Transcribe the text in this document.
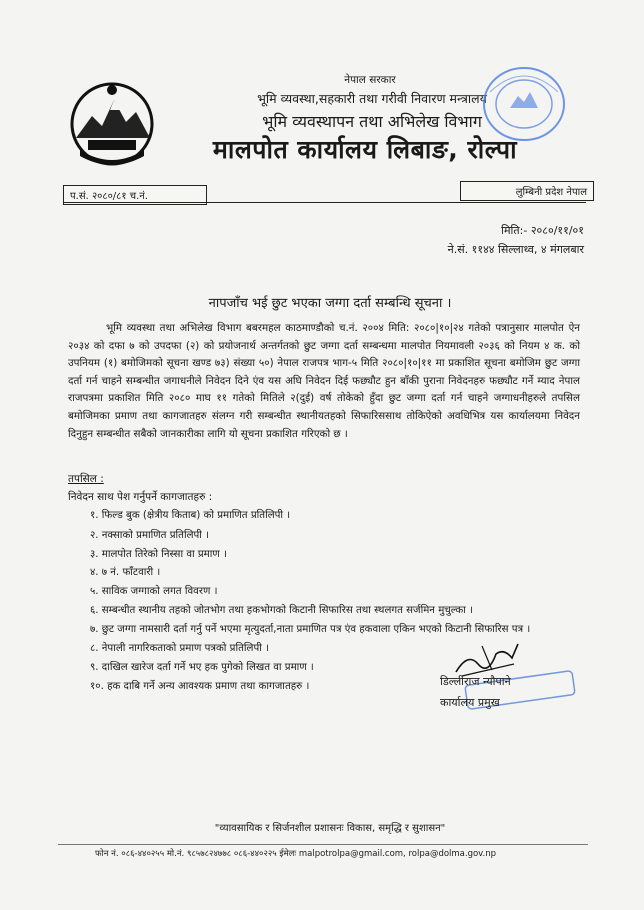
नेपाल सरकार
भूमि व्यवस्था,सहकारी तथा गरीवी निवारण मन्त्रालय
भूमि व्यवस्थापन तथा अभिलेख विभाग
मालपोत कार्यालय लिबाङ, रोल्पा
प.सं. २०८०/८१ च.नं.	लुम्बिनी प्रदेश नेपाल
मिति:- २०८०/११/०१
ने.सं. ११४४ सिल्लाथ्व, ४ मंगलबार
नापजाँच भई छुट भएका जग्गा दर्ता सम्बन्धि सूचना ।
भूमि व्यवस्था तथा अभिलेख विभाग बबरमहल काठमाण्डौको च.नं. २००४ मिति: २०८०|१०|२४ गतेको पत्रानुसार मालपोत ऐन २०३४ को दफा ७ को उपदफा (२) को प्रयोजनार्थ अन्तर्गतको छुट जग्गा दर्ता सम्बन्धमा मालपोत नियमावली २०३६ को नियम ४ क. को उपनियम (१) बमोजिमको सूचना खण्ड ७३) संख्या ५०) नेपाल राजपत्र भाग-५ मिति २०८०|१०|११ मा प्रकाशित सूचना बमोजिम छुट जग्गा दर्ता गर्न चाहने सम्बन्धीत जगाधनीले निवेदन दिने एंव यस अघि निवेदन दिई फछ्यौट हुन बाँकी पुराना निवेदनहरु फछ्यौट गर्ने म्याद नेपाल राजपत्रमा प्रकाशित मिति २०८० माघ ११ गतेको मितिले २(दुई) वर्ष तोकेको हुँदा छुट जग्गा दर्ता गर्न चाहने जग्गाधनीहरुले तपसिल बमोजिमका प्रमाण तथा कागजातहरु संलग्न गरी सम्बन्धीत स्थानीयतहको सिफारिससाथ तोकिऐको अवधिभित्र यस कार्यालयमा निवेदन दिनुहुन सम्बन्धीत सबैको जानकारीका लागि यो सूचना प्रकाशित गरिएको छ ।
तपसिल :
निवेदन साथ पेश गर्नुपर्ने कागजातहरु :
१. फिल्ड बुक (क्षेत्रीय किताब) को प्रमाणित प्रतिलिपी ।
२. नक्साको प्रमाणित प्रतिलिपी ।
३. मालपोत तिरेको निस्सा वा प्रमाण ।
४. ७ नं. फाँटवारी ।
५. साविक जग्गाको लगत विवरण ।
६. सम्बन्धीत स्थानीय तहको जोतभोग तथा हकभोगको किटानी सिफारिस तथा स्थलगत सर्जमिन मुचुल्का ।
७. छुट जग्गा नामसारी दर्ता गर्नु पर्ने भएमा मृत्युदर्ता,नाता प्रमाणित पत्र एंव हकवाला एकिन भएको किटानी सिफारिस पत्र ।
८. नेपाली नागरिकताको प्रमाण पत्रको प्रतिलिपी ।
९. दाखिल खारेज दर्ता गर्ने भए हक पुगेको लिखत वा प्रमाण ।
१०. हक दाबि गर्ने अन्य आवश्यक प्रमाण तथा कागजातहरु ।	डिल्लीराज न्यौपाने
कार्यालय प्रमुख
"व्यावसायिक र सिर्जनशील प्रशासनः विकास, समृद्धि र सुशासन"
फोन नं. ०८६-४४०२५५ मो.नं. ९८५७८२४७७८ ०८६-४४०२२५ ईमेलः malpotrolpa@gmail.com, rolpa@dolma.gov.np
